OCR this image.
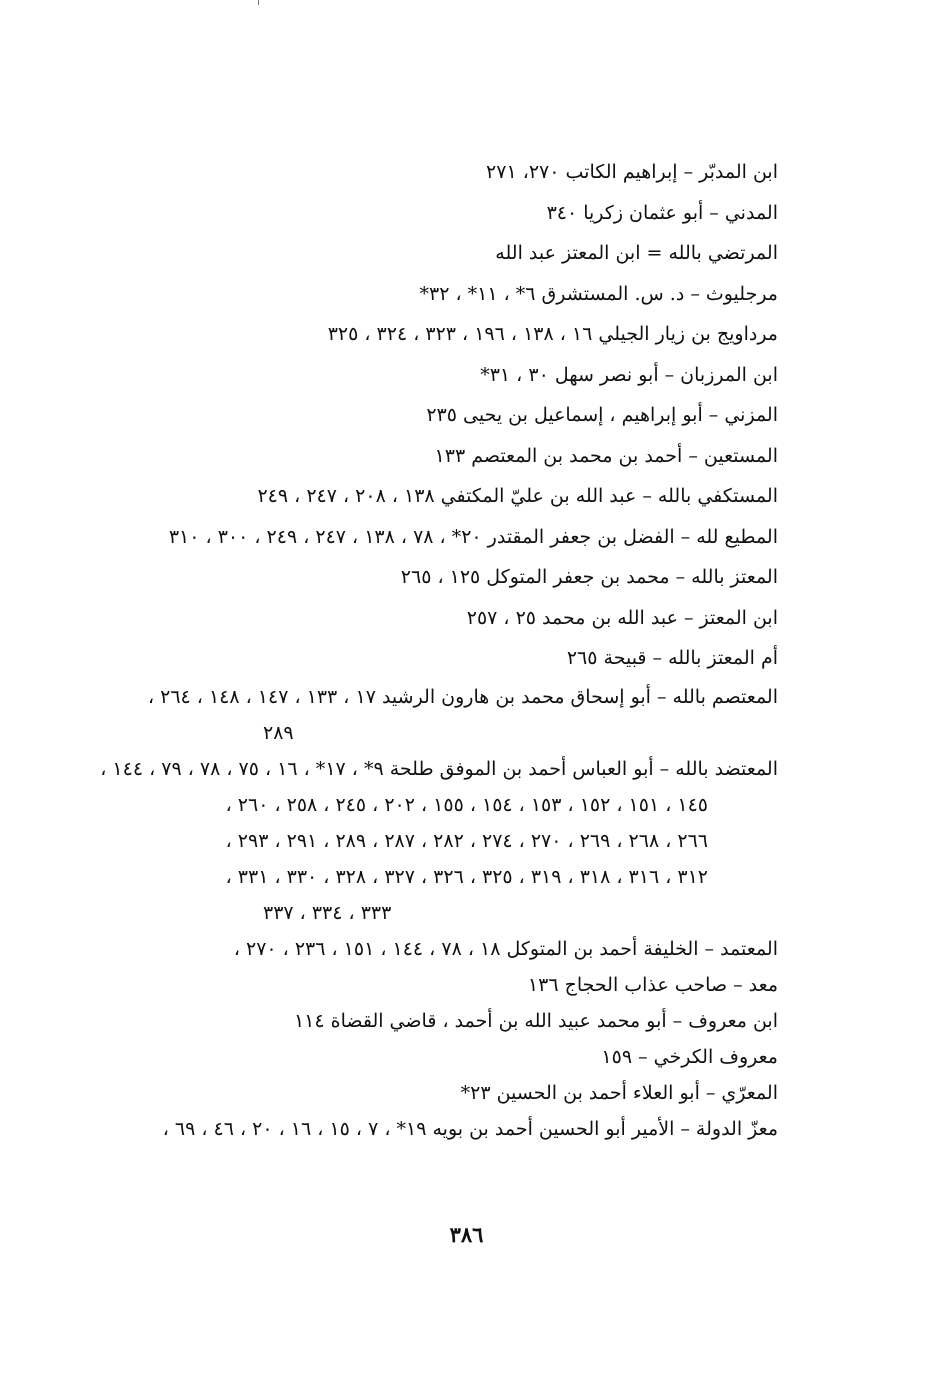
ابن المدبّر – إبراهيم الكاتب ٢٧٠، ٢٧١
المدني – أبو عثمان زكريا ٣٤٠
المرتضي بالله = ابن المعتز عبد الله
مرجليوث – د. س. المستشرق ٦* ، ١١* ، ٣٢*
مرداويج بن زيار الجيلي ١٦ ، ١٣٨ ، ١٩٦ ، ٣٢٣ ، ٣٢٤ ، ٣٢٥
ابن المرزبان – أبو نصر سهل ٣٠ ، ٣١*
المزني – أبو إبراهيم ، إسماعيل بن يحيى ٢٣٥
المستعين – أحمد بن محمد بن المعتصم ١٣٣
المستكفي بالله – عبد الله بن عليّ المكتفي ١٣٨ ، ٢٠٨ ، ٢٤٧ ، ٢٤٩
المطيع لله – الفضل بن جعفر المقتدر ٢٠* ، ٧٨ ، ١٣٨ ، ٢٤٧ ، ٢٤٩ ، ٣٠٠ ، ٣١٠
المعتز بالله – محمد بن جعفر المتوكل ١٢٥ ، ٢٦٥
ابن المعتز – عبد الله بن محمد ٢٥ ، ٢٥٧
أم المعتز بالله – قبيحة ٢٦٥
المعتصم بالله – أبو إسحاق محمد بن هارون الرشيد ١٧ ، ١٣٣ ، ١٤٧ ، ١٤٨ ، ٢٦٤ ،
٢٨٩
المعتضد بالله – أبو العباس أحمد بن الموفق طلحة ٩* ، ١٧* ، ١٦ ، ٧٥ ، ٧٨ ، ٧٩ ، ١٤٤ ،
١٤٥ ، ١٥١ ، ١٥٢ ، ١٥٣ ، ١٥٤ ، ١٥٥ ، ٢٠٢ ، ٢٤٥ ، ٢٥٨ ، ٢٦٠ ،
٢٦٦ ، ٢٦٨ ، ٢٦٩ ، ٢٧٠ ، ٢٧٤ ، ٢٨٢ ، ٢٨٧ ، ٢٨٩ ، ٢٩١ ، ٢٩٣ ،
٣١٢ ، ٣١٦ ، ٣١٨ ، ٣١٩ ، ٣٢٥ ، ٣٢٦ ، ٣٢٧ ، ٣٢٨ ، ٣٣٠ ، ٣٣١ ،
٣٣٣ ، ٣٣٤ ، ٣٣٧
المعتمد – الخليفة أحمد بن المتوكل ١٨ ، ٧٨ ، ١٤٤ ، ١٥١ ، ٢٣٦ ، ٢٧٠ ،
معد – صاحب عذاب الحجاج ١٣٦
ابن معروف – أبو محمد عبيد الله بن أحمد ، قاضي القضاة ١١٤
معروف الكرخي – ١٥٩
المعرّي – أبو العلاء أحمد بن الحسين ٢٣*
معزّ الدولة – الأمير أبو الحسين أحمد بن بويه ١٩* ، ٧ ، ١٥ ، ١٦ ، ٢٠ ، ٤٦ ، ٦٩ ،
٣٨٦
